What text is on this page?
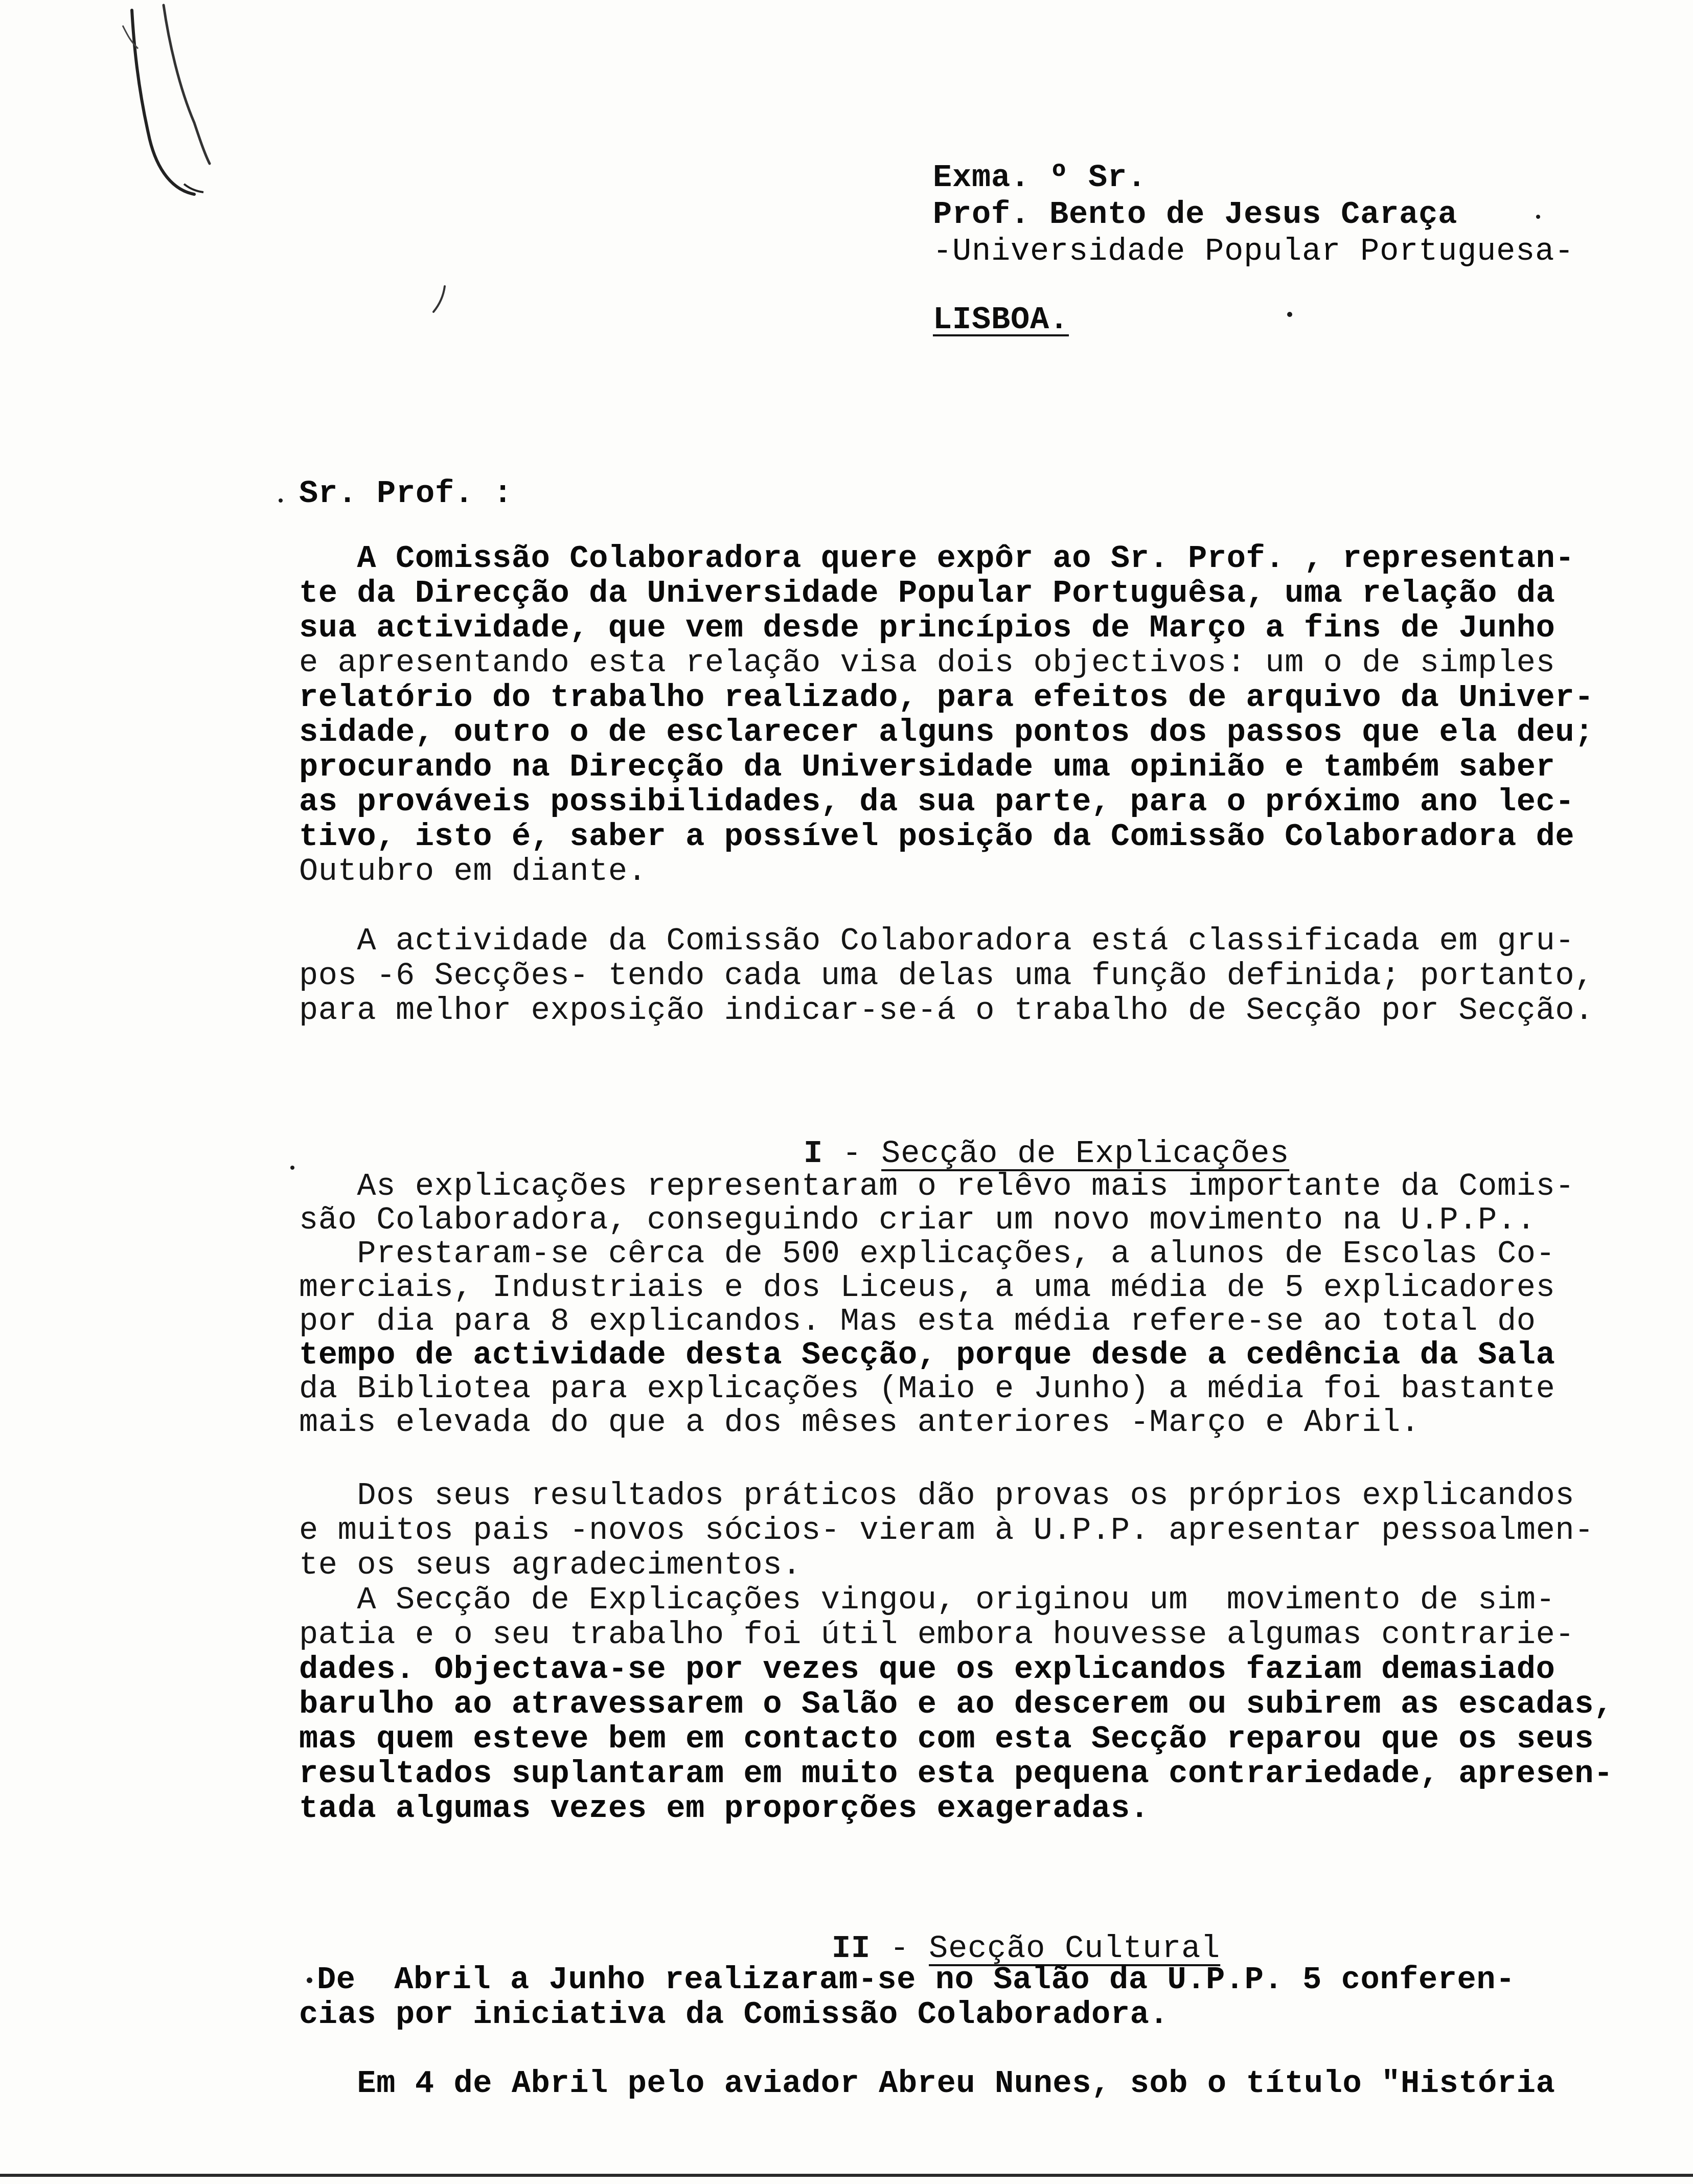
Exma. º Sr.
Prof. Bento de Jesus Caraça
-Universidade Popular Portuguesa-
LISBOA.
Sr. Prof. :
A Comissão Colaboradora quere expôr ao Sr. Prof. , representan-
te da Direcção da Universidade Popular Portuguêsa, uma relação da
sua actividade, que vem desde princípios de Março a fins de Junho
e apresentando esta relação visa dois objectivos: um o de simples
relatório do trabalho realizado, para efeitos de arquivo da Univer-
sidade, outro o de esclarecer alguns pontos dos passos que ela deu;
procurando na Direcção da Universidade uma opinião e também saber
as prováveis possibilidades, da sua parte, para o próximo ano lec-
tivo, isto é, saber a possível posição da Comissão Colaboradora de
Outubro em diante.
A actividade da Comissão Colaboradora está classificada em gru-
pos -6 Secções- tendo cada uma delas uma função definida; portanto,
para melhor exposição indicar-se-á o trabalho de Secção por Secção.

I - Secção de Explicações

As explicações representaram o relêvo mais importante da Comis-
são Colaboradora, conseguindo criar um novo movimento na U.P.P..
Prestaram-se cêrca de 500 explicações, a alunos de Escolas Co-
merciais, Industriais e dos Liceus, a uma média de 5 explicadores
por dia para 8 explicandos. Mas esta média refere-se ao total do
tempo de actividade desta Secção, porque desde a cedência da Sala
da Bibliotea para explicações (Maio e Junho) a média foi bastante
mais elevada do que a dos mêses anteriores -Março e Abril.
Dos seus resultados práticos dão provas os próprios explicandos
e muitos pais -novos sócios- vieram à U.P.P. apresentar pessoalmen-
te os seus agradecimentos.
A Secção de Explicações vingou, originou um  movimento de sim-
patia e o seu trabalho foi útil embora houvesse algumas contrarie-
dades. Objectava-se por vezes que os explicandos faziam demasiado
barulho ao atravessarem o Salão e ao descerem ou subirem as escadas,
mas quem esteve bem em contacto com esta Secção reparou que os seus
resultados suplantaram em muito esta pequena contrariedade, apresen-
tada algumas vezes em proporções exageradas.

II - Secção Cultural

De  Abril a Junho realizaram-se no Salão da U.P.P. 5 conferen-
cias por iniciativa da Comissão Colaboradora.
Em 4 de Abril pelo aviador Abreu Nunes, sob o título "História
